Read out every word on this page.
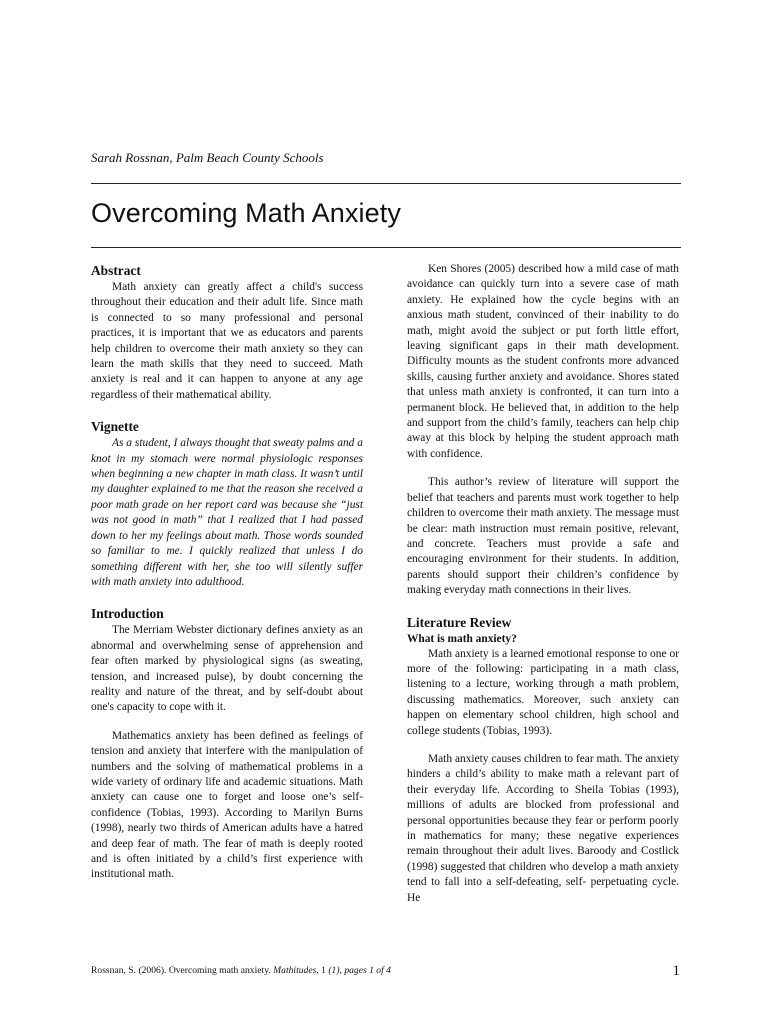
Sarah Rossnan, Palm Beach County Schools
Overcoming Math Anxiety
Abstract

Math anxiety can greatly affect a child's success throughout their education and their adult life. Since math is connected to so many professional and personal practices, it is important that we as educators and parents help children to overcome their math anxiety so they can learn the math skills that they need to succeed. Math anxiety is real and it can happen to anyone at any age regardless of their mathematical ability.

Vignette

As a student, I always thought that sweaty palms and a knot in my stomach were normal physiologic responses when beginning a new chapter in math class. It wasn’t until my daughter explained to me that the reason she received a poor math grade on her report card was because she “just was not good in math” that I realized that I had passed down to her my feelings about math. Those words sounded so familiar to me. I quickly realized that unless I do something different with her, she too will silently suffer with math anxiety into adulthood.

Introduction

The Merriam Webster dictionary defines anxiety as an abnormal and overwhelming sense of apprehension and fear often marked by physiological signs (as sweating, tension, and increased pulse), by doubt concerning the reality and nature of the threat, and by self-doubt about one's capacity to cope with it.

Mathematics anxiety has been defined as feelings of tension and anxiety that interfere with the manipulation of numbers and the solving of mathematical problems in a wide variety of ordinary life and academic situations. Math anxiety can cause one to forget and loose one’s self-confidence (Tobias, 1993). According to Marilyn Burns (1998), nearly two thirds of American adults have a hatred and deep fear of math. The fear of math is deeply rooted and is often initiated by a child’s first experience with institutional math.

Ken Shores (2005) described how a mild case of math avoidance can quickly turn into a severe case of math anxiety. He explained how the cycle begins with an anxious math student, convinced of their inability to do math, might avoid the subject or put forth little effort, leaving significant gaps in their math development. Difficulty mounts as the student confronts more advanced skills, causing further anxiety and avoidance. Shores stated that unless math anxiety is confronted, it can turn into a permanent block. He believed that, in addition to the help and support from the child’s family, teachers can help chip away at this block by helping the student approach math with confidence.

This author’s review of literature will support the belief that teachers and parents must work together to help children to overcome their math anxiety. The message must be clear: math instruction must remain positive, relevant, and concrete. Teachers must provide a safe and encouraging environment for their students. In addition, parents should support their children’s confidence by making everyday math connections in their lives.

Literature Review
What is math anxiety?

Math anxiety is a learned emotional response to one or more of the following: participating in a math class, listening to a lecture, working through a math problem, discussing mathematics. Moreover, such anxiety can happen on elementary school children, high school and college students (Tobias, 1993).

Math anxiety causes children to fear math. The anxiety hinders a child’s ability to make math a relevant part of their everyday life. According to Sheila Tobias (1993), millions of adults are blocked from professional and personal opportunities because they fear or perform poorly in mathematics for many; these negative experiences remain throughout their adult lives. Baroody and Costlick (1998) suggested that children who develop a math anxiety tend to fall into a self-defeating, self- perpetuating cycle. He

Rossnan, S. (2006). Overcoming math anxiety. Mathitudes, 1 (1), pages 1 of 4	1
